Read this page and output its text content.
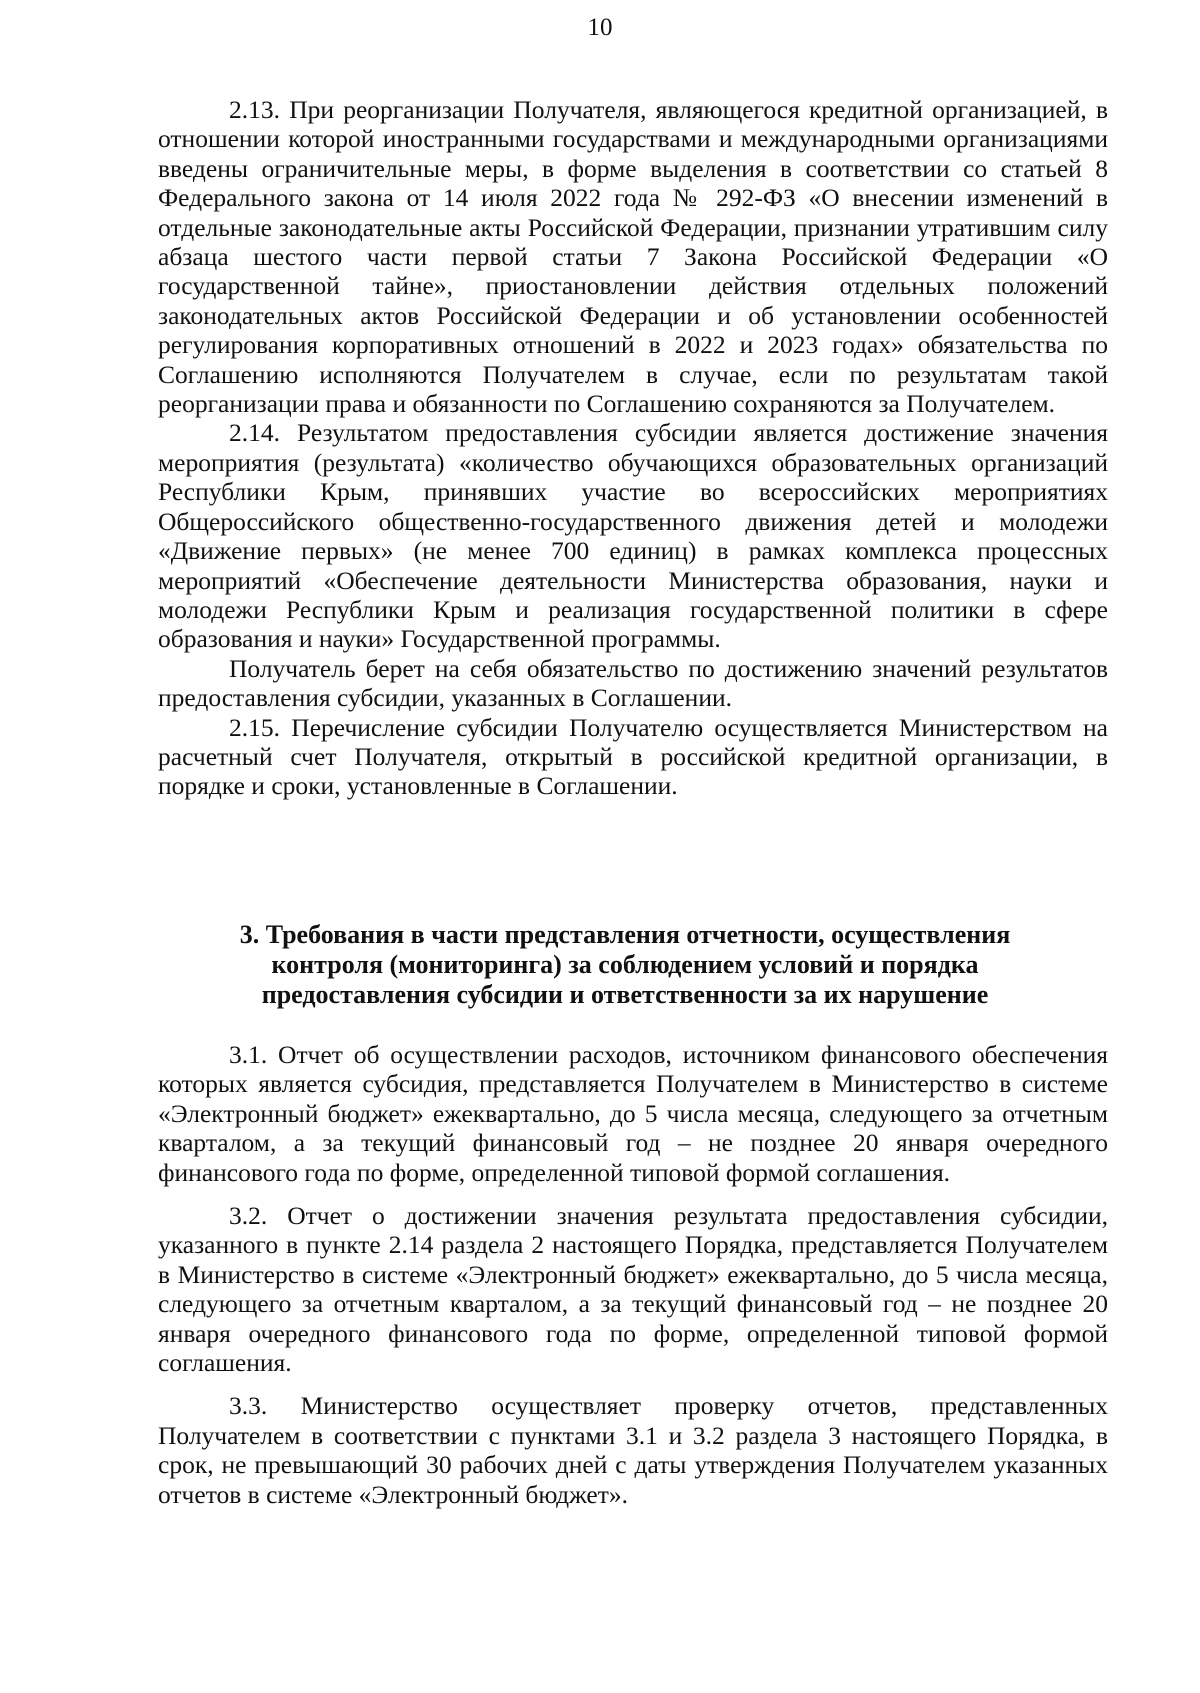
10

2.13. При реорганизации Получателя, являющегося кредитной организацией, в отношении которой иностранными государствами и международными организациями введены ограничительные меры, в форме выделения в соответствии со статьей 8 Федерального закона от 14 июля 2022 года № 292-ФЗ «О внесении изменений в отдельные законодательные акты Российской Федерации, признании утратившим силу абзаца шестого части первой статьи 7 Закона Российской Федерации «О государственной тайне», приостановлении действия отдельных положений законодательных актов Российской Федерации и об установлении особенностей регулирования корпоративных отношений в 2022 и 2023 годах» обязательства по Соглашению исполняются Получателем в случае, если по результатам такой реорганизации права и обязанности по Соглашению сохраняются за Получателем.

2.14. Результатом предоставления субсидии является достижение значения мероприятия (результата) «количество обучающихся образовательных организаций Республики Крым, принявших участие во всероссийских мероприятиях Общероссийского общественно-государственного движения детей и молодежи «Движение первых» (не менее 700 единиц) в рамках комплекса процессных мероприятий «Обеспечение деятельности Министерства образования, науки и молодежи Республики Крым и реализация государственной политики в сфере образования и науки» Государственной программы.

Получатель берет на себя обязательство по достижению значений результатов предоставления субсидии, указанных в Соглашении.

2.15. Перечисление субсидии Получателю осуществляется Министерством на расчетный счет Получателя, открытый в российской кредитной организации, в порядке и сроки, установленные в Соглашении.

3. Требования в части представления отчетности, осуществления
контроля (мониторинга) за соблюдением условий и порядка
предоставления субсидии и ответственности за их нарушение

3.1. Отчет об осуществлении расходов, источником финансового обеспечения которых является субсидия, представляется Получателем в Министерство в системе «Электронный бюджет» ежеквартально, до 5 числа месяца, следующего за отчетным кварталом, а за текущий финансовый год – не позднее 20 января очередного финансового года по форме, определенной типовой формой соглашения.

3.2. Отчет о достижении значения результата предоставления субсидии, указанного в пункте 2.14 раздела 2 настоящего Порядка, представляется Получателем в Министерство в системе «Электронный бюджет» ежеквартально, до 5 числа месяца, следующего за отчетным кварталом, а за текущий финансовый год – не позднее 20 января очередного финансового года по форме, определенной типовой формой соглашения.

3.3. Министерство осуществляет проверку отчетов, представленных Получателем в соответствии с пунктами 3.1 и 3.2 раздела 3 настоящего Порядка, в срок, не превышающий 30 рабочих дней с даты утверждения Получателем указанных отчетов в системе «Электронный бюджет».
